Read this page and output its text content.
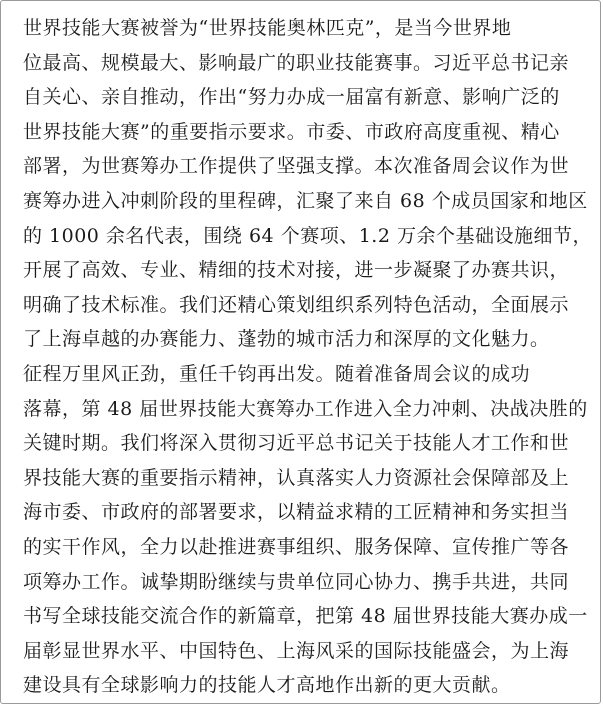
世界技能大赛被誉为“世界技能奥林匹克”，是当今世界地
位最高、规模最大、影响最广的职业技能赛事。习近平总书记亲
自关心、亲自推动，作出“努力办成一届富有新意、影响广泛的
世界技能大赛”的重要指示要求。市委、市政府高度重视、精心
部署，为世赛筹办工作提供了坚强支撑。本次准备周会议作为世
赛筹办进入冲刺阶段的里程碑，汇聚了来自 68 个成员国家和地区
的 1000 余名代表，围绕 64 个赛项、1.2 万余个基础设施细节，
开展了高效、专业、精细的技术对接，进一步凝聚了办赛共识，
明确了技术标准。我们还精心策划组织系列特色活动，全面展示
了上海卓越的办赛能力、蓬勃的城市活力和深厚的文化魅力。
征程万里风正劲，重任千钧再出发。随着准备周会议的成功
落幕，第 48 届世界技能大赛筹办工作进入全力冲刺、决战决胜的
关键时期。我们将深入贯彻习近平总书记关于技能人才工作和世
界技能大赛的重要指示精神，认真落实人力资源社会保障部及上
海市委、市政府的部署要求，以精益求精的工匠精神和务实担当
的实干作风，全力以赴推进赛事组织、服务保障、宣传推广等各
项筹办工作。诚挚期盼继续与贵单位同心协力、携手共进，共同
书写全球技能交流合作的新篇章，把第 48 届世界技能大赛办成一
届彰显世界水平、中国特色、上海风采的国际技能盛会，为上海
建设具有全球影响力的技能人才高地作出新的更大贡献。
